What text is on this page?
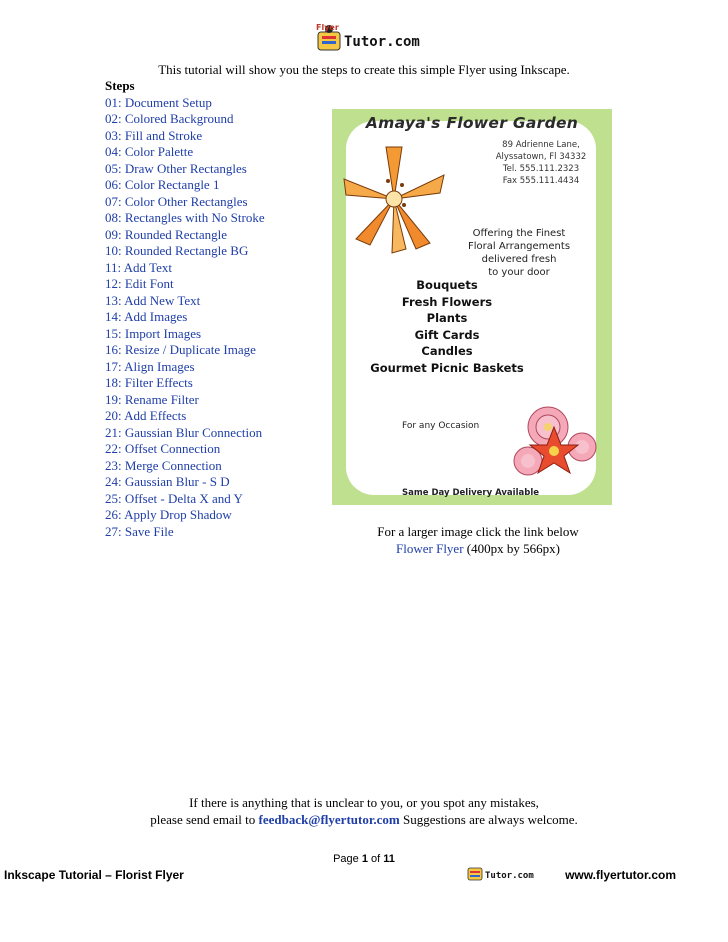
Flyer
Tutor.com
This tutorial will show you the steps to create this simple Flyer using Inkscape.
Steps
01: Document Setup
02: Colored Background
03: Fill and Stroke
04: Color Palette
05: Draw Other Rectangles
06: Color Rectangle 1
07: Color Other Rectangles
08: Rectangles with No Stroke
09: Rounded Rectangle
10: Rounded Rectangle BG
11: Add Text
12: Edit Font
13: Add New Text
14: Add Images
15: Import Images
16: Resize / Duplicate Image
17: Align Images
18: Filter Effects
19: Rename Filter
20: Add Effects
21: Gaussian Blur Connection
22: Offset Connection
23: Merge Connection
24: Gaussian Blur - S D
25: Offset - Delta X and Y
26: Apply Drop Shadow
27: Save File
Amaya's Flower Garden
89 Adrienne Lane,
Alyssatown, Fl 34332
Tel. 555.111.2323
Fax 555.111.4434
Offering the Finest
Floral Arrangements
delivered fresh
to your door
Bouquets
Fresh Flowers
Plants
Gift Cards
Candles
Gourmet Picnic Baskets
For any Occasion
Same Day Delivery Available
For a larger image click the link below
Flower Flyer (400px by 566px)
If there is anything that is unclear to you, or you spot any mistakes,
please send email to feedback@flyertutor.com Suggestions are always welcome.
Page 1 of 11
Inkscape Tutorial – Florist Flyer	Tutor.com	www.flyertutor.com
